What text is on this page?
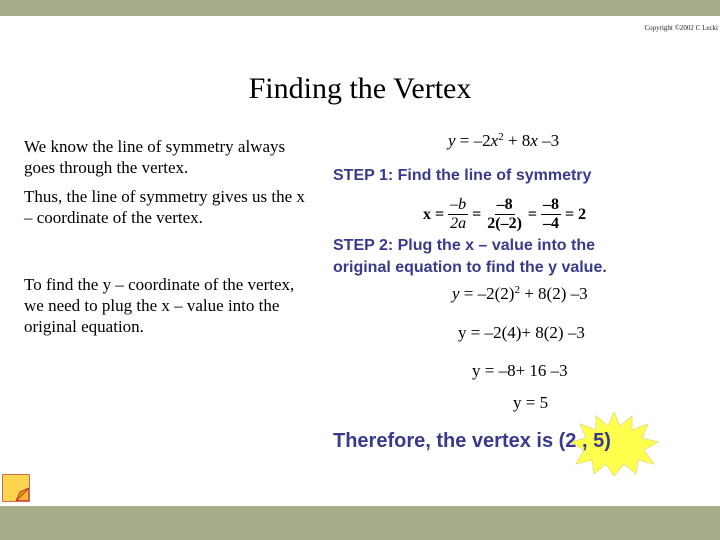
Copyright ©2002 C Lecki
Finding the Vertex
We know the line of symmetry always goes through the vertex.
Thus, the line of symmetry gives us the x – coordinate of the vertex.
To find the y – coordinate of the vertex, we need to plug the x – value into the original equation.
$y = -2x^2 + 8x$ –3
STEP 1: Find the line of symmetry
$x = \frac{-b}{2a} = \frac{-8}{2(-2)} = \frac{-8}{-4} = 2$
STEP 2: Plug the x – value into the
original equation to find the y value.
$y = -2(2)^2 + 8(2)$ –3
y = –2(4)+ 8(2) –3
y = –8+ 16 –3
y = 5
Therefore, the vertex is (2 , 5)
